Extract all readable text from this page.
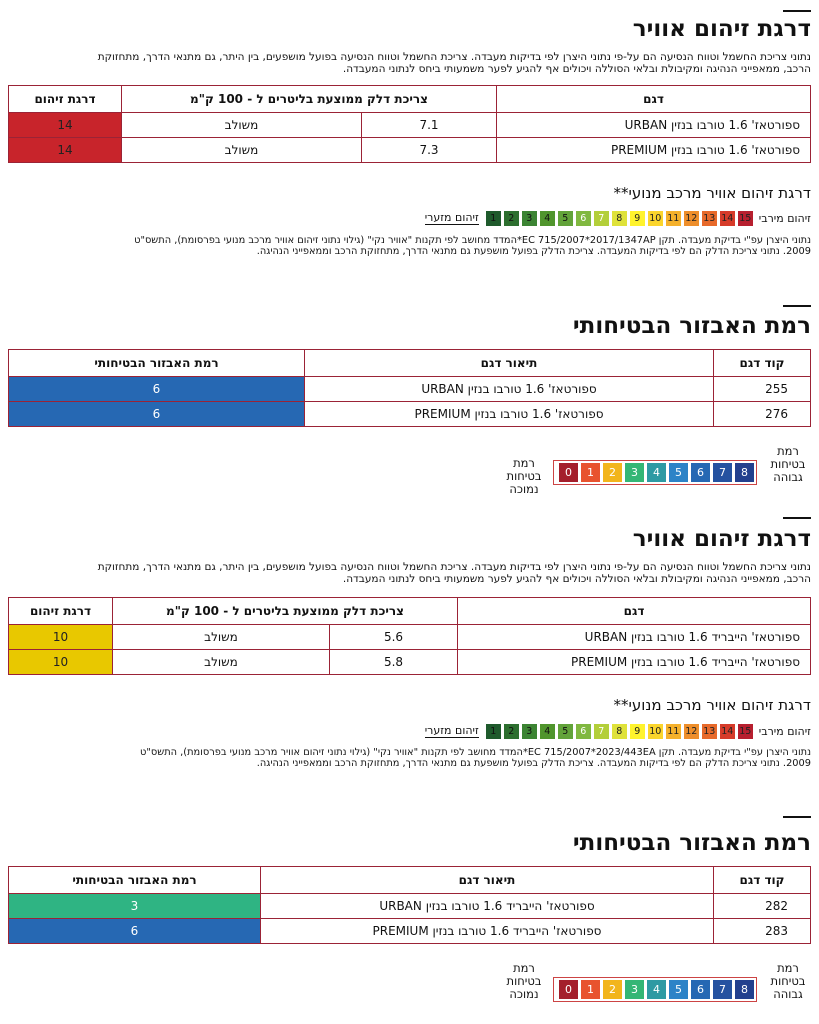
דרגת זיהום אוויר
נתוני צריכת החשמל וטווח הנסיעה הם על-פי נתוני היצרן לפי בדיקות מעבדה. צריכת החשמל וטווח הנסיעה בפועל מושפעים, בין היתר, גם מתנאי הדרך, מתחזוקת
הרכב, ממאפייני הנהיגה ומקיבולת ובלאי הסוללה ויכולים אף להגיע לפער משמעותי ביחס לנתוני המעבדה.
דגם	צריכת דלק ממוצעת בליטרים ל - 100 ק"מ		דרגת זיהום
ספורטאז' 1.6 טורבו בנזין URBAN	7.1	משולב	14
ספורטאז' 1.6 טורבו בנזין PREMIUM	7.3	משולב	14
דרגת זיהום אוויר מרכב מנועי**
זיהום מירבי
15
14
13
12
11
10
9
8
7
6
5
4
3
2
1
זיהום מזערי
נתוני היצרן עפ"י בדיקת מעבדה. תקן EC 715/2007*2017/1347AP*המדד מחושב לפי תקנות "אוויר נקי" (גילוי נתוני זיהום אוויר מרכב מנועי בפרסומת), התשס"ט
2009. נתוני צריכת הדלק הם לפי בדיקות המעבדה. צריכת הדלק בפועל מושפעת גם מתנאי הדרך, מתחזוקת הרכב וממאפייני הנהיגה.
רמת האבזור הבטיחותי
קוד דגם	תיאור דגם	רמת האבזור הבטיחותי
255	ספורטאז' 1.6 טורבו בנזין URBAN	6
276	ספורטאז' 1.6 טורבו בנזין PREMIUM	6
רמת
בטיחות
גבוהה
8
7
6
5
4
3
2
1
0
רמת
בטיחות
נמוכה
דרגת זיהום אוויר
נתוני צריכת החשמל וטווח הנסיעה הם על-פי נתוני היצרן לפי בדיקות מעבדה. צריכת החשמל וטווח הנסיעה בפועל מושפעים, בין היתר, גם מתנאי הדרך, מתחזוקת
הרכב, ממאפייני הנהיגה ומקיבולת ובלאי הסוללה ויכולים אף להגיע לפער משמעותי ביחס לנתוני המעבדה.
דגם	צריכת דלק ממוצעת בליטרים ל - 100 ק"מ		דרגת זיהום
ספורטאז' הייבריד 1.6 טורבו בנזין URBAN	5.6	משולב	10
ספורטאז' הייבריד 1.6 טורבו בנזין PREMIUM	5.8	משולב	10
דרגת זיהום אוויר מרכב מנועי**
זיהום מירבי
15
14
13
12
11
10
9
8
7
6
5
4
3
2
1
זיהום מזערי
נתוני היצרן עפ"י בדיקת מעבדה. תקן EC 715/2007*2023/443EA*המדד מחושב לפי תקנות "אוויר נקי" (גילוי נתוני זיהום אוויר מרכב מנועי בפרסומת), התשס"ט
2009. נתוני צריכת הדלק הם לפי בדיקות המעבדה. צריכת הדלק בפועל מושפעת גם מתנאי הדרך, מתחזוקת הרכב וממאפייני הנהיגה.
רמת האבזור הבטיחותי
קוד דגם	תיאור דגם	רמת האבזור הבטיחותי
282	ספורטאז' הייבריד 1.6 טורבו בנזין URBAN	3
283	ספורטאז' הייבריד 1.6 טורבו בנזין PREMIUM	6
רמת
בטיחות
גבוהה
8
7
6
5
4
3
2
1
0
רמת
בטיחות
נמוכה
